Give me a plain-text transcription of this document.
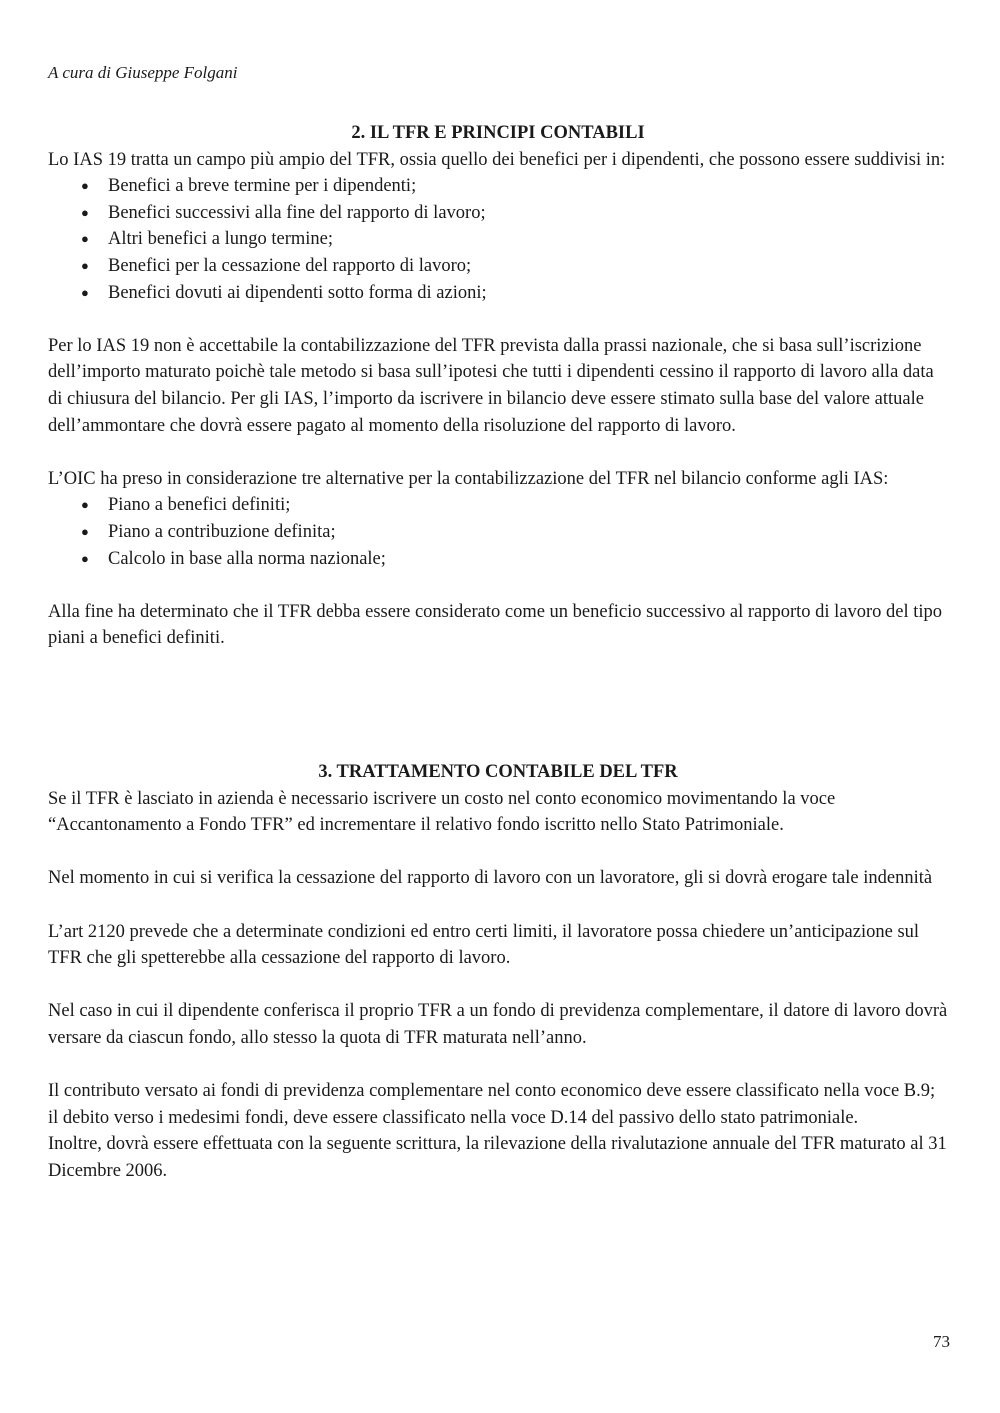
A cura di Giuseppe Folgani
2. IL TFR E PRINCIPI CONTABILI

Lo IAS 19 tratta un campo più ampio del TFR, ossia quello dei benefici per i dipendenti, che possono essere suddivisi in:

● Benefici a breve termine per i dipendenti;
● Benefici successivi alla fine del rapporto di lavoro;
● Altri benefici a lungo termine;
● Benefici per la cessazione del rapporto di lavoro;
● Benefici dovuti ai dipendenti sotto forma di azioni;

Per lo IAS 19 non è accettabile la contabilizzazione del TFR prevista dalla prassi nazionale, che si basa sull’iscrizione dell’importo maturato poichè tale metodo si basa sull’ipotesi che tutti i dipendenti cessino il rapporto di lavoro alla data di chiusura del bilancio. Per gli IAS, l’importo da iscrivere in bilancio deve essere stimato sulla base del valore attuale dell’ammontare che dovrà essere pagato al momento della risoluzione del rapporto di lavoro.

L’OIC ha preso in considerazione tre alternative per la contabilizzazione del TFR nel bilancio conforme agli IAS:

● Piano a benefici definiti;
● Piano a contribuzione definita;
● Calcolo in base alla norma nazionale;

Alla fine ha determinato che il TFR debba essere considerato come un beneficio successivo al rapporto di lavoro del tipo piani a benefici definiti.

3. TRATTAMENTO CONTABILE DEL TFR

Se il TFR è lasciato in azienda è necessario iscrivere un costo nel conto economico movimentando la voce “Accantonamento a Fondo TFR” ed incrementare il relativo fondo iscritto nello Stato Patrimoniale.

Nel momento in cui si verifica la cessazione del rapporto di lavoro con un lavoratore, gli si dovrà erogare tale indennità

L’art 2120 prevede che a determinate condizioni ed entro certi limiti, il lavoratore possa chiedere un’anticipazione sul TFR che gli spetterebbe alla cessazione del rapporto di lavoro.

Nel caso in cui il dipendente conferisca il proprio TFR a un fondo di previdenza complementare, il datore di lavoro dovrà versare da ciascun fondo, allo stesso la quota di TFR maturata nell’anno.

Il contributo versato ai fondi di previdenza complementare nel conto economico deve essere classificato nella voce B.9; il debito verso i medesimi fondi, deve essere classificato nella voce D.14 del passivo dello stato patrimoniale.

Inoltre, dovrà essere effettuata con la seguente scrittura, la rilevazione della rivalutazione annuale del TFR maturato al 31 Dicembre 2006.

73
